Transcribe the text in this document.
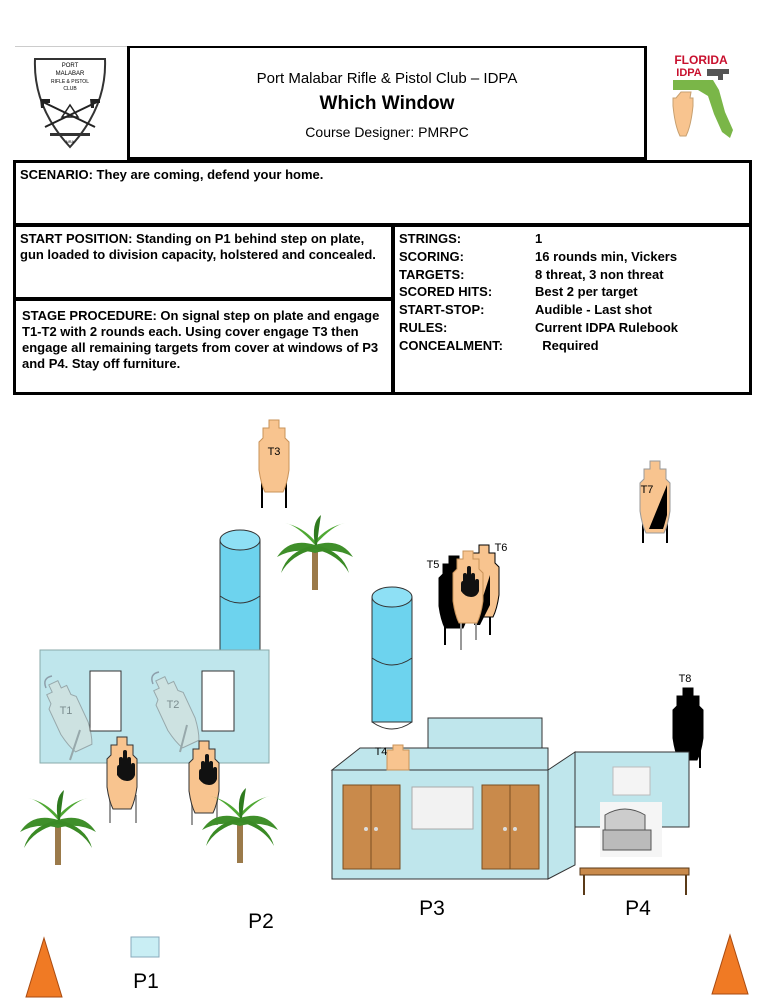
PORT
MALABAR
RIFLE & PISTOL
CLUB
NRA
Port Malabar Rifle & Pistol Club – IDPA
Which Window
Course Designer: PMRPC
FLORIDA
IDPA
SCENARIO: They are coming, defend your home.
START POSITION: Standing on P1 behind step on plate, gun loaded to division capacity, holstered and concealed.
STAGE PROCEDURE: On signal step on plate and engage T1-T2 with 2 rounds each. Using cover engage T3 then engage all remaining targets from cover at windows of P3 and P4. Stay off furniture.
STRINGS:	1
SCORING:	16 rounds min, Vickers
TARGETS:	8 threat, 3 non threat
SCORED HITS:	Best 2 per target
START-STOP:	Audible - Last shot
RULES:	Current IDPA Rulebook
CONCEALMENT:	Required
T3
T7
T5
T6
T1	T2
T8
T4
P2
P3	P4
P1
